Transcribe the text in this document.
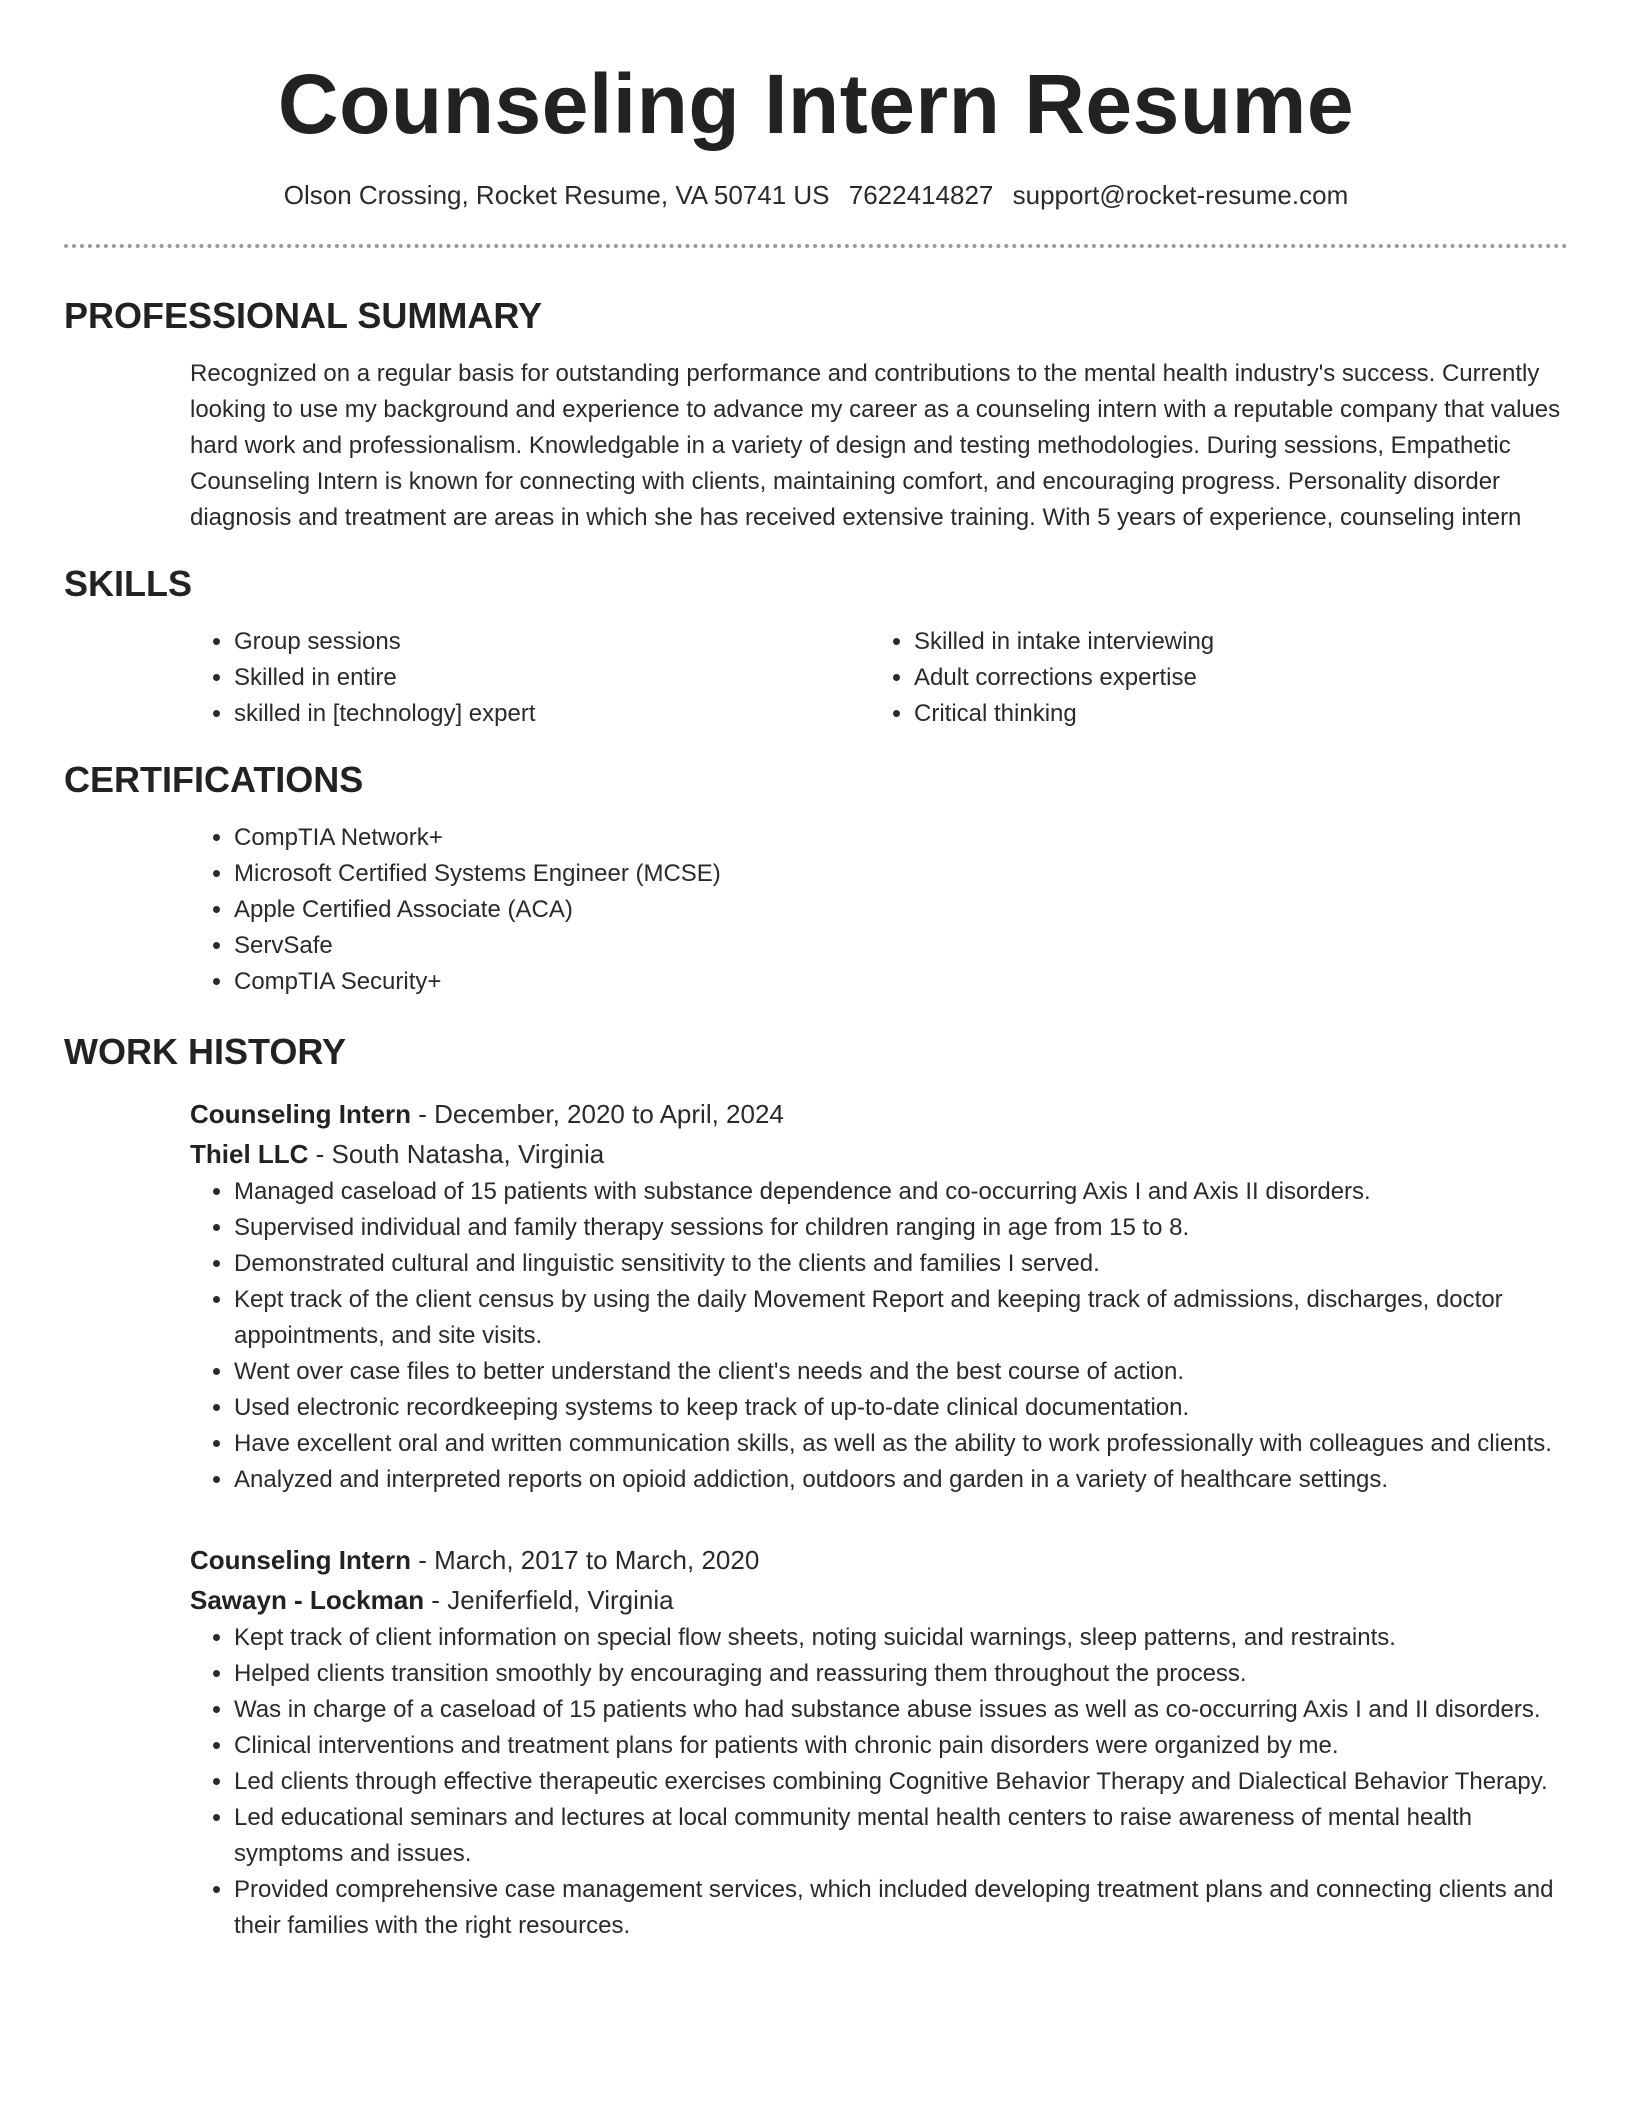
Counseling Intern Resume
Olson Crossing, Rocket Resume, VA 50741 US 7622414827 support@rocket-resume.com
PROFESSIONAL SUMMARY
Recognized on a regular basis for outstanding performance and contributions to the mental health industry's success. Currently looking to use my background and experience to advance my career as a counseling intern with a reputable company that values hard work and professionalism. Knowledgable in a variety of design and testing methodologies. During sessions, Empathetic Counseling Intern is known for connecting with clients, maintaining comfort, and encouraging progress. Personality disorder diagnosis and treatment are areas in which she has received extensive training. With 5 years of experience, counseling intern
SKILLS
• Group sessions
• Skilled in entire
• skilled in [technology] expert
• Skilled in intake interviewing
• Adult corrections expertise
• Critical thinking
CERTIFICATIONS
• CompTIA Network+
• Microsoft Certified Systems Engineer (MCSE)
• Apple Certified Associate (ACA)
• ServSafe
• CompTIA Security+
WORK HISTORY
Counseling Intern - December, 2020 to April, 2024
Thiel LLC - South Natasha, Virginia
• Managed caseload of 15 patients with substance dependence and co-occurring Axis I and Axis II disorders.
• Supervised individual and family therapy sessions for children ranging in age from 15 to 8.
• Demonstrated cultural and linguistic sensitivity to the clients and families I served.
• Kept track of the client census by using the daily Movement Report and keeping track of admissions, discharges, doctor appointments, and site visits.
• Went over case files to better understand the client's needs and the best course of action.
• Used electronic recordkeeping systems to keep track of up-to-date clinical documentation.
• Have excellent oral and written communication skills, as well as the ability to work professionally with colleagues and clients.
• Analyzed and interpreted reports on opioid addiction, outdoors and garden in a variety of healthcare settings.
Counseling Intern - March, 2017 to March, 2020
Sawayn - Lockman - Jeniferfield, Virginia
• Kept track of client information on special flow sheets, noting suicidal warnings, sleep patterns, and restraints.
• Helped clients transition smoothly by encouraging and reassuring them throughout the process.
• Was in charge of a caseload of 15 patients who had substance abuse issues as well as co-occurring Axis I and II disorders.
• Clinical interventions and treatment plans for patients with chronic pain disorders were organized by me.
• Led clients through effective therapeutic exercises combining Cognitive Behavior Therapy and Dialectical Behavior Therapy.
• Led educational seminars and lectures at local community mental health centers to raise awareness of mental health symptoms and issues.
• Provided comprehensive case management services, which included developing treatment plans and connecting clients and their families with the right resources.
